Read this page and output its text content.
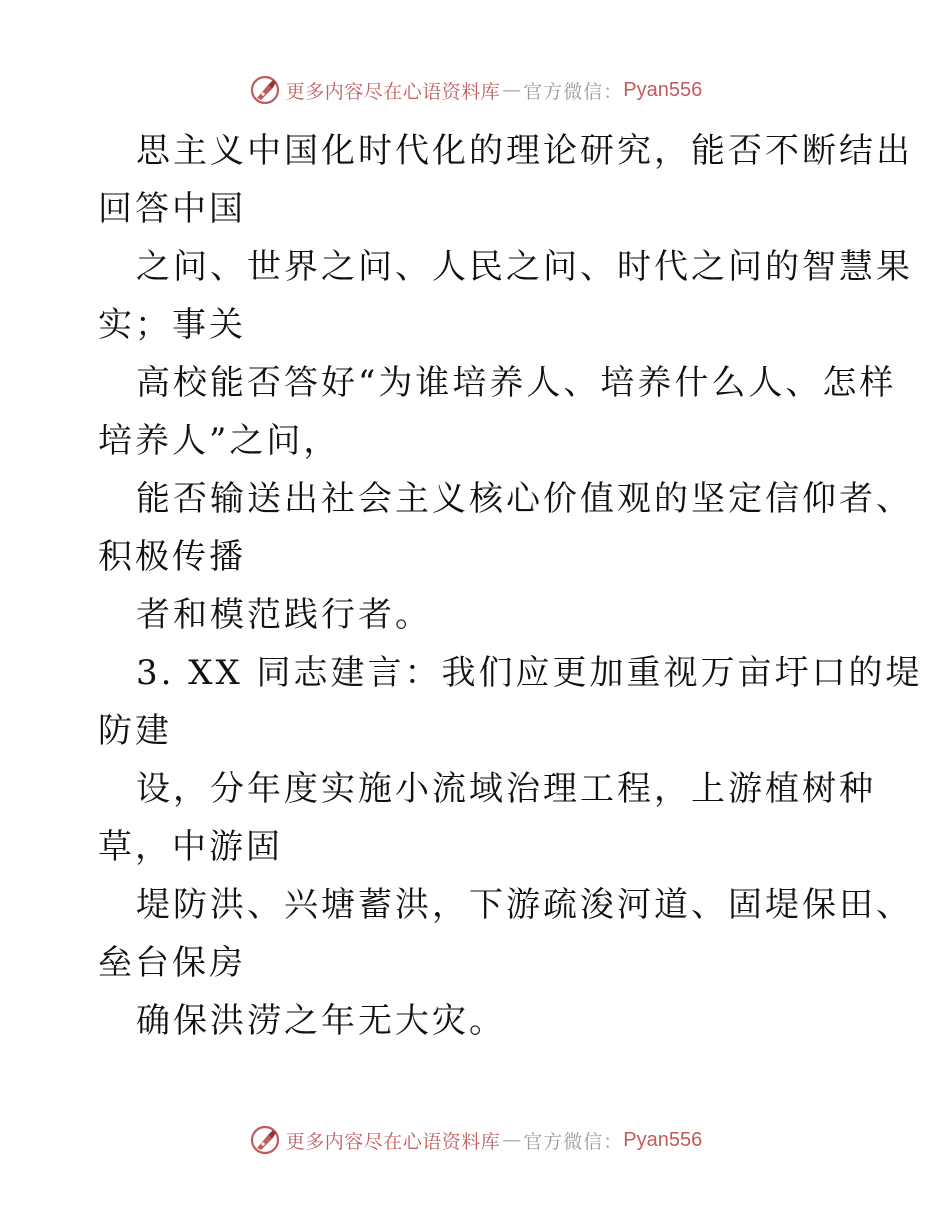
更多内容尽在心语资料库 — 官方微信： Pyan556
思主义中国化时代化的理论研究，能否不断结出
回答中国
之问、世界之问、人民之问、时代之问的智慧果
实；事关
高校能否答好“为谁培养人、培养什么人、怎样
培养人”之问，
能否输送出社会主义核心价值观的坚定信仰者、
积极传播
者和模范践行者。
3. XX 同志建言：我们应更加重视万亩圩口的堤
防建
设，分年度实施小流域治理工程，上游植树种
草，中游固
堤防洪、兴塘蓄洪，下游疏浚河道、固堤保田、
垒台保房
确保洪涝之年无大灾。
更多内容尽在心语资料库 — 官方微信： Pyan556
